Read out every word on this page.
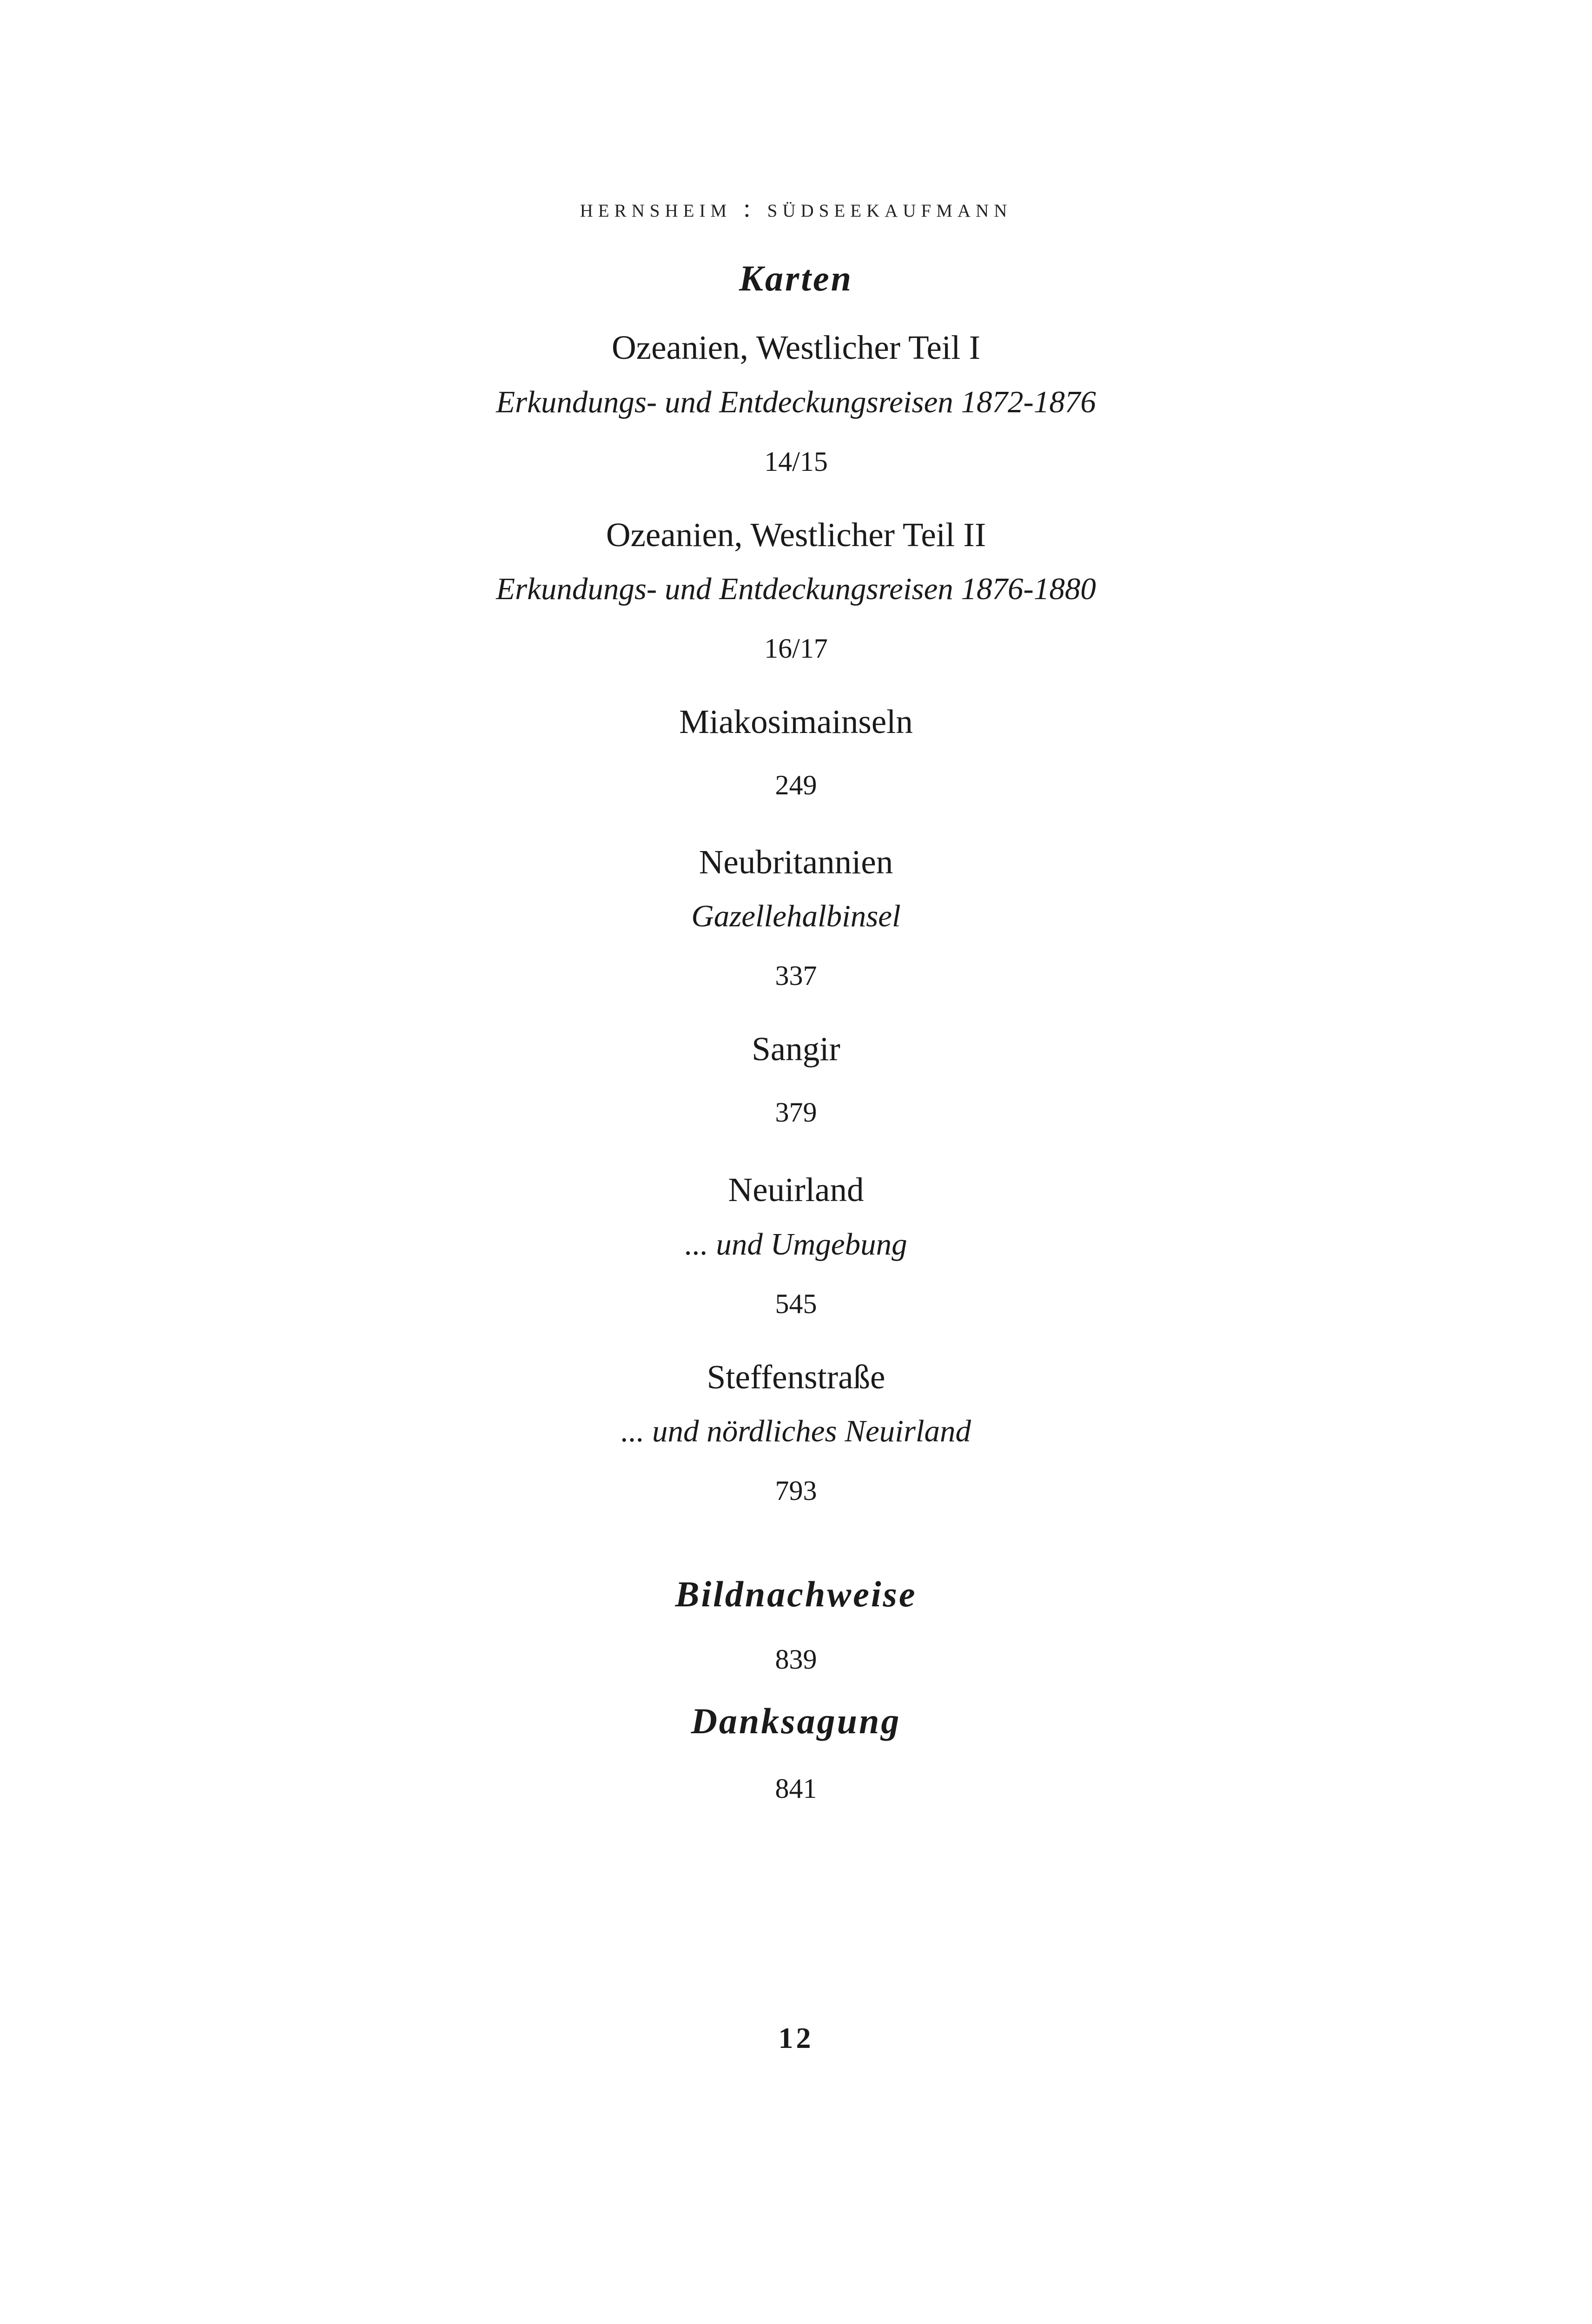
hernsheim : südseekaufmann
Karten
Ozeanien, Westlicher Teil I
Erkundungs- und Entdeckungsreisen 1872-1876
14/15
Ozeanien, Westlicher Teil II
Erkundungs- und Entdeckungsreisen 1876-1880
16/17
Miakosimainseln
249
Neubritannien
Gazellehalbinsel
337
Sangir
379
Neuirland
... und Umgebung
545
Steffenstraße
... und nördliches Neuirland
793
Bildnachweise
839
Danksagung
841
12
